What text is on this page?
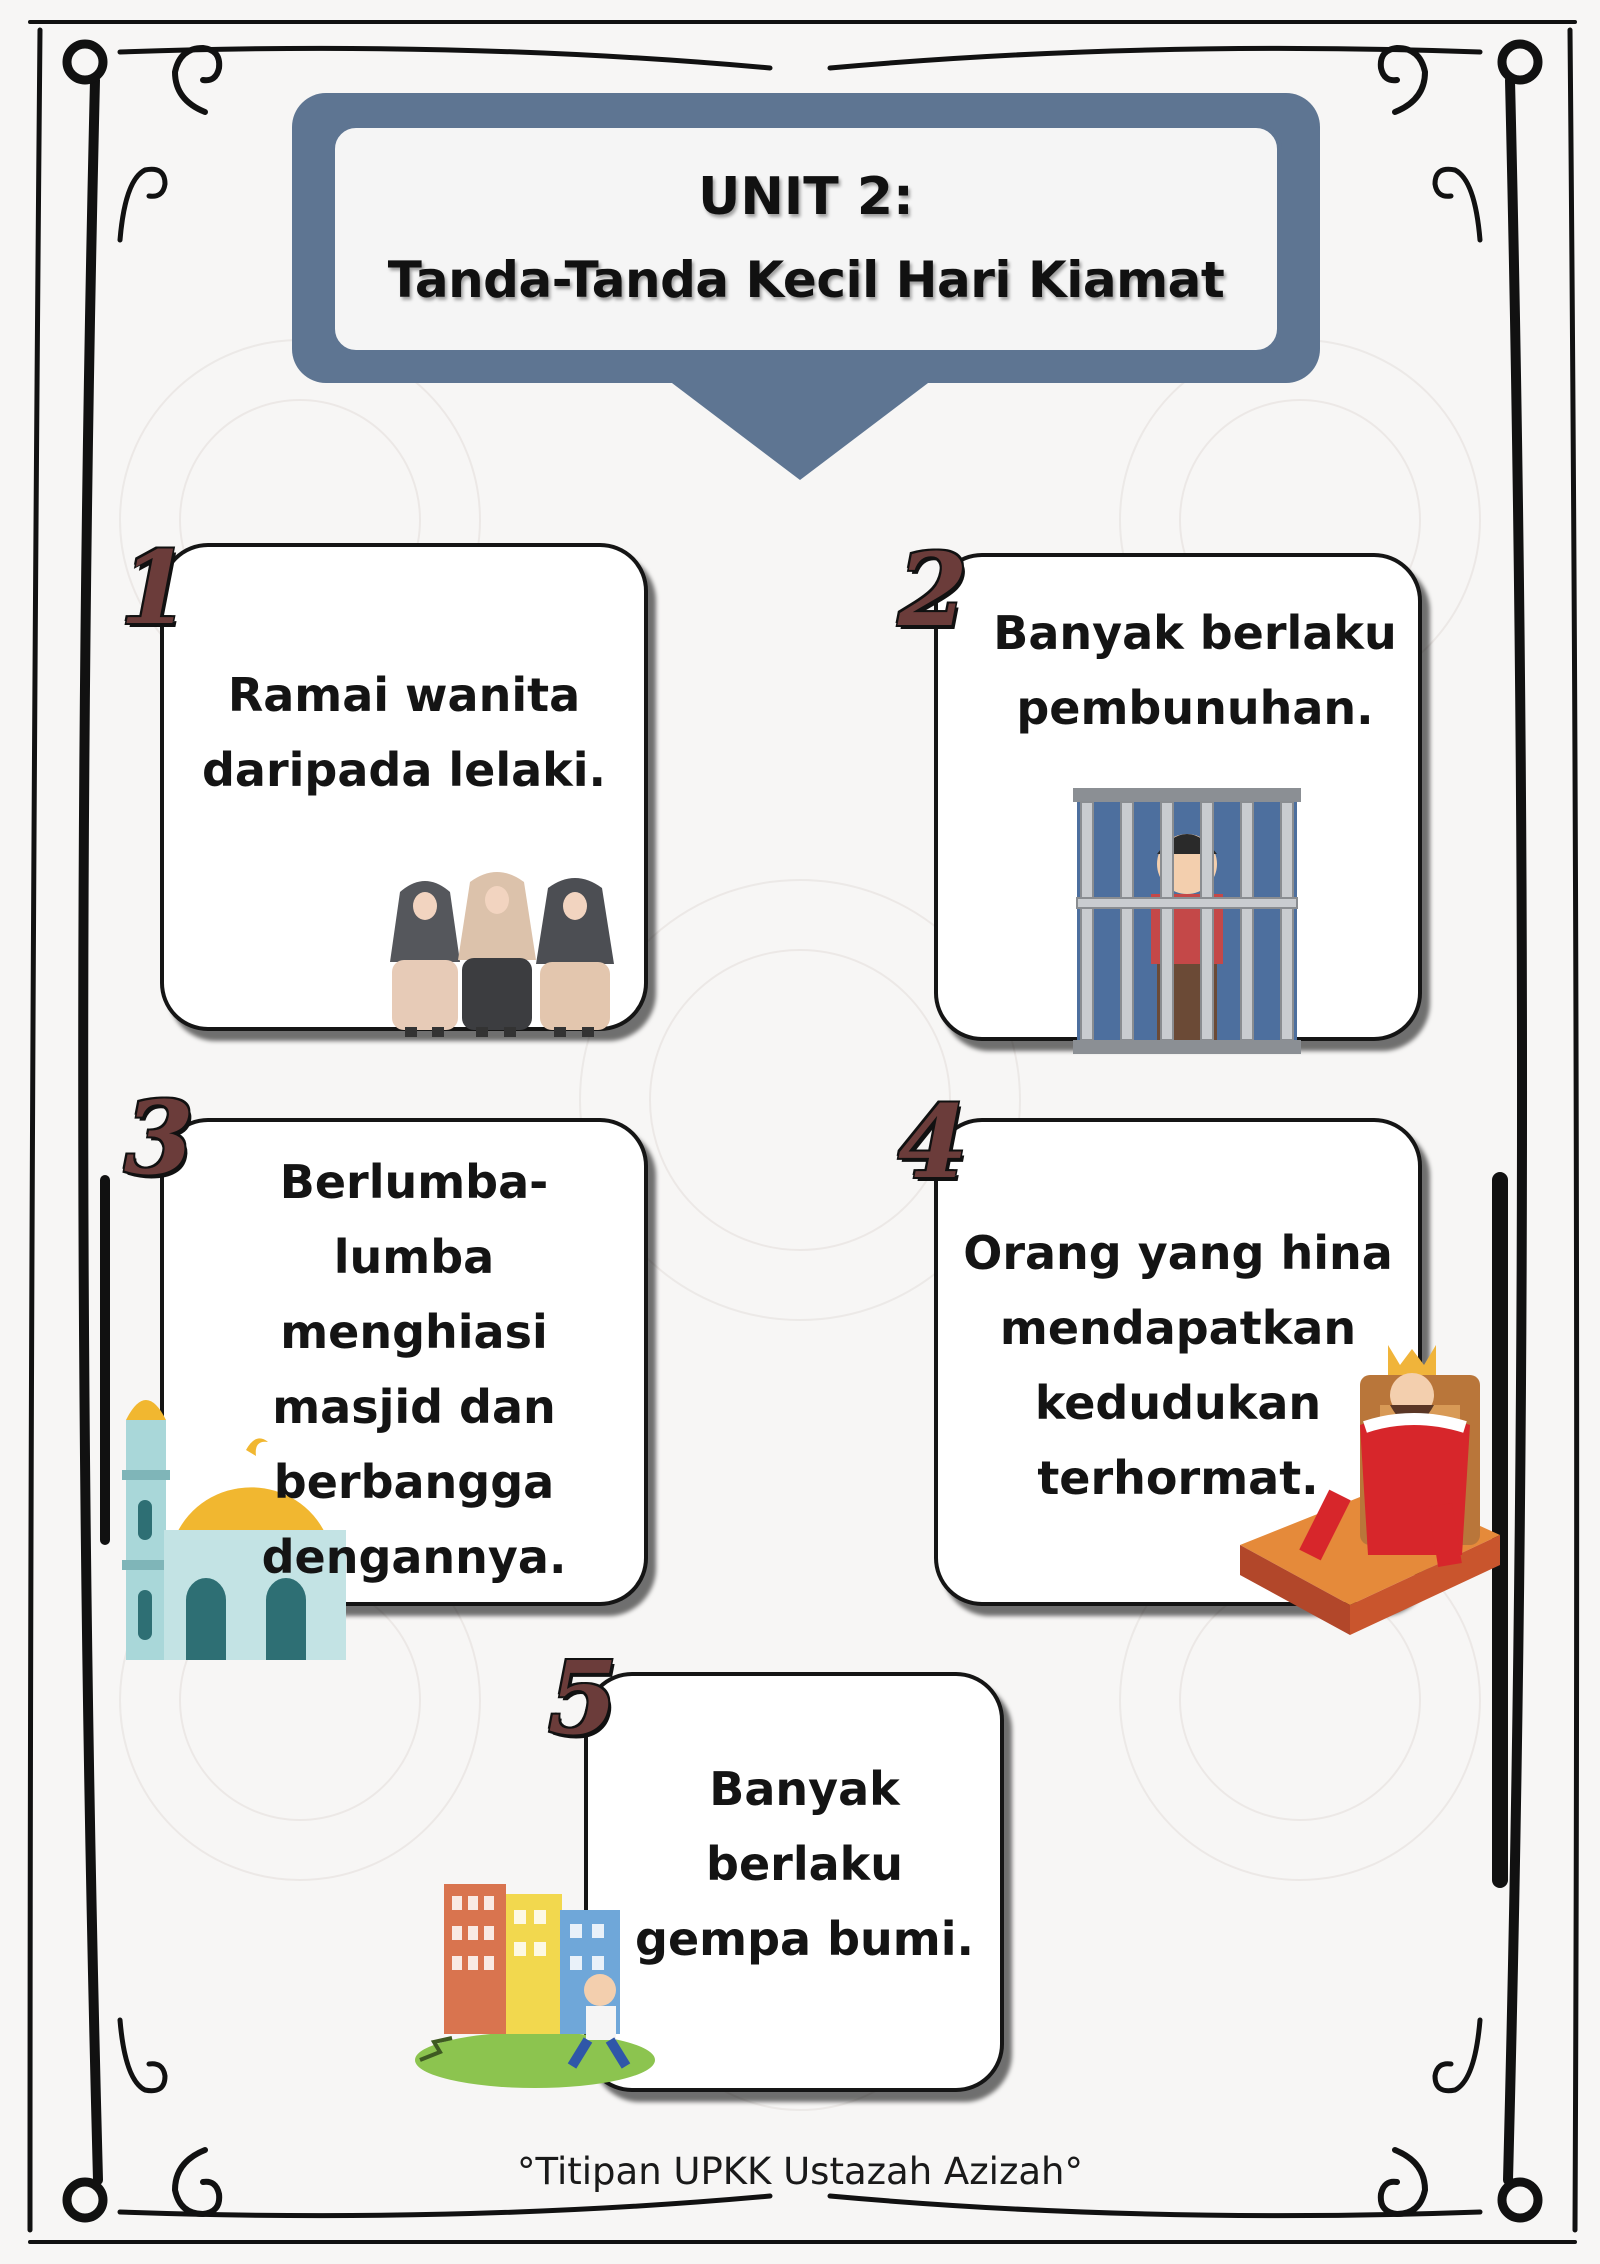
UNIT 2:
Tanda-Tanda Kecil Hari Kiamat
1
Ramai wanita
daripada lelaki.
2 Banyak berlaku
pembunuhan.
3	Berlumba-
lumba
menghiasi
masjid dan
berbangga
dengannya.
4
Orang yang hina
mendapatkan
kedudukan
terhormat.
5
Banyak
berlaku
gempa bumi.
°Titipan UPKK Ustazah Azizah°
